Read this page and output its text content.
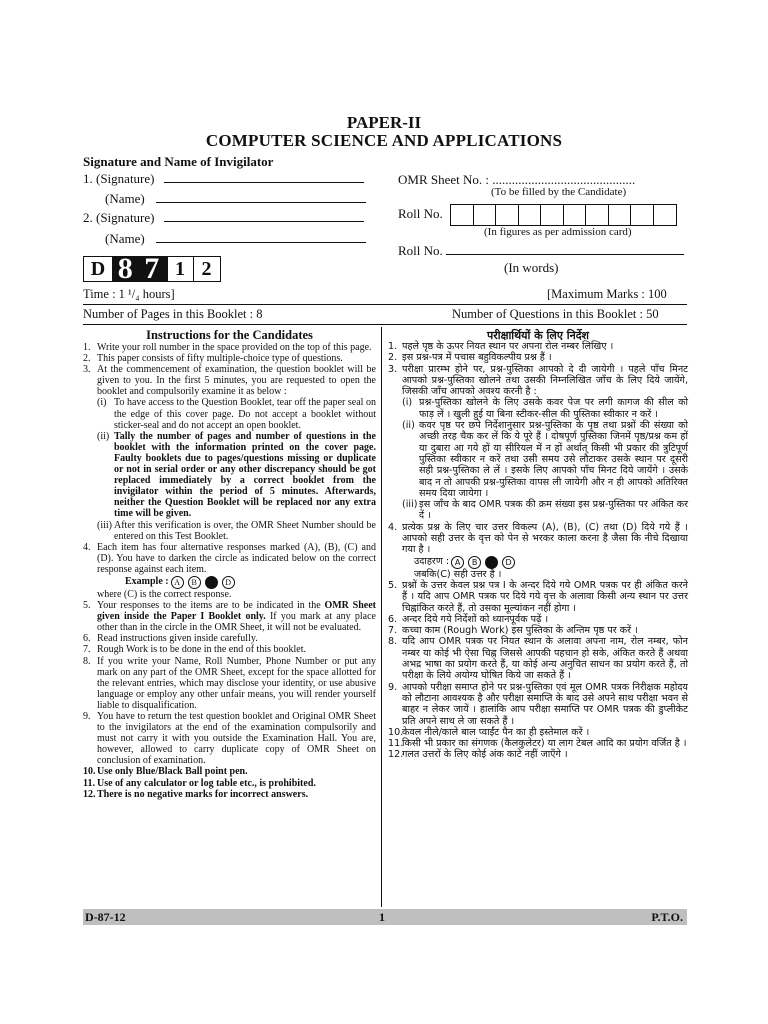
PAPER-II
COMPUTER SCIENCE AND APPLICATIONS
Signature and Name of Invigilator
1. (Signature)
(Name)
2. (Signature)
(Name)
OMR Sheet No. : ............................................
(To be filled by the Candidate)
Roll No.
(In figures as per admission card)
Roll No.
(In words)
D 8 7 1 2
Time : 1 ¹/₄ hours]	[Maximum Marks : 100
Number of Pages in this Booklet : 8	Number of Questions in this Booklet : 50
Instructions for the Candidates
1. Write your roll number in the space provided on the top of this page.
2. This paper consists of fifty multiple-choice type of questions.
3. At the commencement of examination, the question booklet will be given to you. In the first 5 minutes, you are requested to open the booklet and compulsorily examine it as below :
(i) To have access to the Question Booklet, tear off the paper seal on the edge of this cover page. Do not accept a booklet without sticker-seal and do not accept an open booklet.
(ii) Tally the number of pages and number of questions in the booklet with the information printed on the cover page. Faulty booklets due to pages/questions missing or duplicate or not in serial order or any other discrepancy should be got replaced immediately by a correct booklet from the invigilator within the period of 5 minutes. Afterwards, neither the Question Booklet will be replaced nor any extra time will be given.
(iii) After this verification is over, the OMR Sheet Number should be entered on this Test Booklet.
4. Each item has four alternative responses marked (A), (B), (C) and (D). You have to darken the circle as indicated below on the correct response against each item.
Example : A	B	D
where (C) is the correct response.
5. Your responses to the items are to be indicated in the OMR Sheet given inside the Paper I Booklet only. If you mark at any place other than in the circle in the OMR Sheet, it will not be evaluated.
6. Read instructions given inside carefully.
7. Rough Work is to be done in the end of this booklet.
8. If you write your Name, Roll Number, Phone Number or put any mark on any part of the OMR Sheet, except for the space allotted for the relevant entries, which may disclose your identity, or use abusive language or employ any other unfair means, you will render yourself liable to disqualification.
9. You have to return the test question booklet and Original OMR Sheet to the invigilators at the end of the examination compulsorily and must not carry it with you outside the Examination Hall. You are, however, allowed to carry duplicate copy of OMR Sheet on conclusion of examination.
10. Use only Blue/Black Ball point pen.
11. Use of any calculator or log table etc., is prohibited.
12. There is no negative marks for incorrect answers.
परीक्षार्थियों के लिए निर्देश
1. पहले पृष्ठ के ऊपर नियत स्थान पर अपना रोल नम्बर लिखिए ।
2. इस प्रश्न-पत्र में पचास बहुविकल्पीय प्रश्न हैं ।
3. परीक्षा प्रारम्भ होने पर, प्रश्न-पुस्तिका आपको दे दी जायेगी । पहले पाँच मिनट आपको प्रश्न-पुस्तिका खोलने तथा उसकी निम्नलिखित जाँच के लिए दिये जायेंगे, जिसकी जाँच आपको अवश्य करनी है :
(i) प्रश्न-पुस्तिका खोलने के लिए उसके कवर पेज पर लगी कागज की सील को फाड़ लें । खुली हुई या बिना स्टीकर-सील की पुस्तिका स्वीकार न करें ।
(ii) कवर पृष्ठ पर छपे निर्देशानुसार प्रश्न-पुस्तिका के पृष्ठ तथा प्रश्नों की संख्या को अच्छी तरह चैक कर लें कि ये पूरे हैं । दोषपूर्ण पुस्तिका जिनमें पृष्ठ/प्रश्न कम हों या दुबारा आ गये हों या सीरियल में न हों अर्थात् किसी भी प्रकार की त्रुटिपूर्ण पुस्तिका स्वीकार न करें तथा उसी समय उसे लौटाकर उसके स्थान पर दूसरी सही प्रश्न-पुस्तिका ले लें । इसके लिए आपको पाँच मिनट दिये जायेंगे । उसके बाद न तो आपकी प्रश्न-पुस्तिका वापस ली जायेगी और न ही आपको अतिरिक्त समय दिया जायेगा ।
(iii) इस जाँच के बाद OMR पत्रक की क्रम संख्या इस प्रश्न-पुस्तिका पर अंकित कर दें ।
4. प्रत्येक प्रश्न के लिए चार उत्तर विकल्प (A), (B), (C) तथा (D) दिये गये हैं । आपको सही उत्तर के वृत्त को पेन से भरकर काला करना है जैसा कि नीचे दिखाया गया है ।
उदाहरण : A	B	D
जबकि(C) सही उत्तर है ।
5. प्रश्नों के उत्तर केवल प्रश्न पत्र I के अन्दर दिये गये OMR पत्रक पर ही अंकित करने हैं । यदि आप OMR पत्रक पर दिये गये वृत्त के अलावा किसी अन्य स्थान पर उत्तर चिह्नांकित करते हैं, तो उसका मूल्यांकन नहीं होगा ।
6. अन्दर दिये गये निर्देशों को ध्यानपूर्वक पढ़ें ।
7. कच्चा काम (Rough Work) इस पुस्तिका के अन्तिम पृष्ठ पर करें ।
8. यदि आप OMR पत्रक पर नियत स्थान के अलावा अपना नाम, रोल नम्बर, फोन नम्बर या कोई भी ऐसा चिह्न जिससे आपकी पहचान हो सके, अंकित करते हैं अथवा अभद्र भाषा का प्रयोग करते हैं, या कोई अन्य अनुचित साधन का प्रयोग करते हैं, तो परीक्षा के लिये अयोग्य घोषित किये जा सकते हैं ।
9. आपको परीक्षा समाप्त होने पर प्रश्न-पुस्तिका एवं मूल OMR पत्रक निरीक्षक महोदय को लौटाना आवश्यक है और परीक्षा समाप्ति के बाद उसे अपने साथ परीक्षा भवन से बाहर न लेकर जायें । हालांकि आप परीक्षा समाप्ति पर OMR पत्रक की डुप्लीकेट प्रति अपने साथ ले जा सकते हैं ।
10.
केवल नीले/काले बाल प्वाईंट पैन का ही इस्तेमाल करें ।
11.
किसी भी प्रकार का संगणक (कैलकुलेटर) या लाग टेबल आदि का प्रयोग वर्जित है ।
12.
गलत उत्तरों के लिए कोई अंक काटे नहीं जाएँगे ।
D-87-12	1	P.T.O.
